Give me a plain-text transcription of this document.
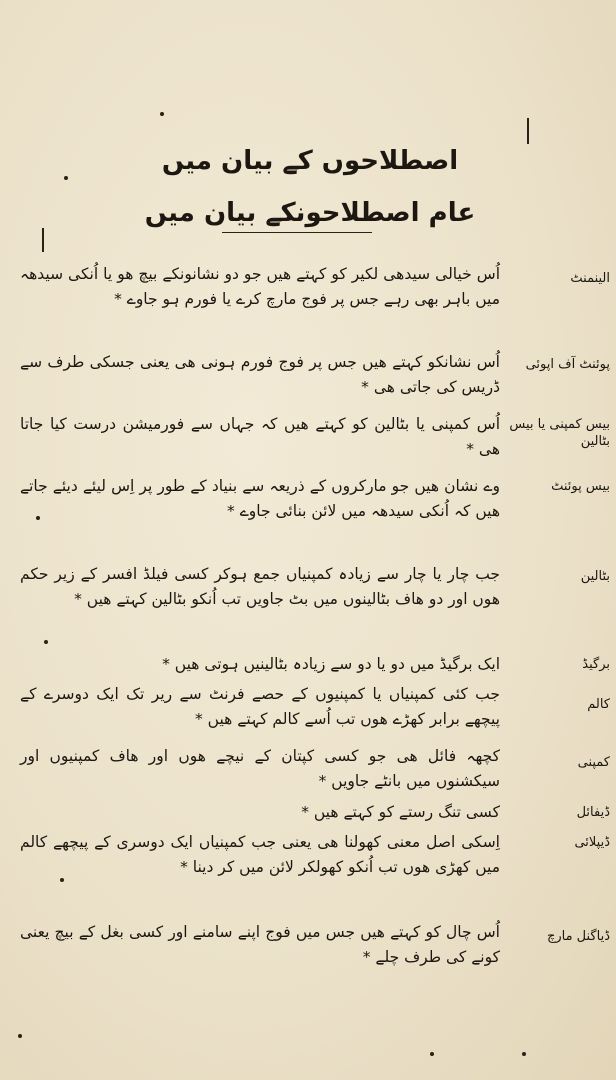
اصطلاحوں کے بیان میں
عام اصطلاحونکے بیان میں
الینمنٹ
اُس خیالی سیدھی لکیر کو کہتے ھیں جو دو نشانونکے بیچ ھو یا اُنکی سیدھہ میں باہر بھی رہے جس پر فوج مارچ کرے یا فورم ہو جاوے *
پوئنٹ آف اپوئی
اُس نشانکو کہتے ھیں جس پر فوج فورم ہونی ھی یعنی جسکی طرف سے ڈریس کی جاتی ھی *
بیس کمپنی یا بیس بٹالین
اُس کمپنی یا بٹالین کو کہتے ھیں کہ جہاں سے فورمیشن درست کیا جاتا ھی *
بیس پوئنٹ
وے نشان ھیں جو مارکروں کے ذریعہ سے بنیاد کے طور پر اِس لیئے دیئے جاتے ھیں کہ اُنکی سیدھہ میں لائن بنائی جاوے *
بٹالین
جب چار یا چار سے زیادہ کمپنیاں جمع ہوکر کسی فیلڈ افسر کے زیر حکم ھوں اور دو ھاف بٹالینوں میں بٹ جاویں تب اُنکو بٹالین کہتے ھیں *
برگیڈ
ایک برگیڈ میں دو یا دو سے زیادہ بٹالینیں ہوتی ھیں *
کالم
جب کئی کمپنیاں یا کمپنیوں کے حصے فرنٹ سے ریر تک ایک دوسرے کے پیچھے برابر کھڑے ھوں تب اُسے کالم کہتے ھیں *
کمپنی
کچھہ فائل ھی جو کسی کپتان کے نیچے ھوں اور ھاف کمپنیوں اور سیکشنوں میں بانٹے جاویں *
ڈیفائل
کسی تنگ رستے کو کہتے ھیں *
ڈیپلائی
اِسکی اصل معنی کھولنا ھی یعنی جب کمپنیاں ایک دوسری کے پیچھے کالم میں کھڑی ھوں تب اُنکو کھولکر لائن میں کر دینا *
ڈیاگنل مارچ
اُس چال کو کہتے ھیں جس میں فوج اپنے سامنے اور کسی بغل کے بیچ یعنی کونے کی طرف چلے *
